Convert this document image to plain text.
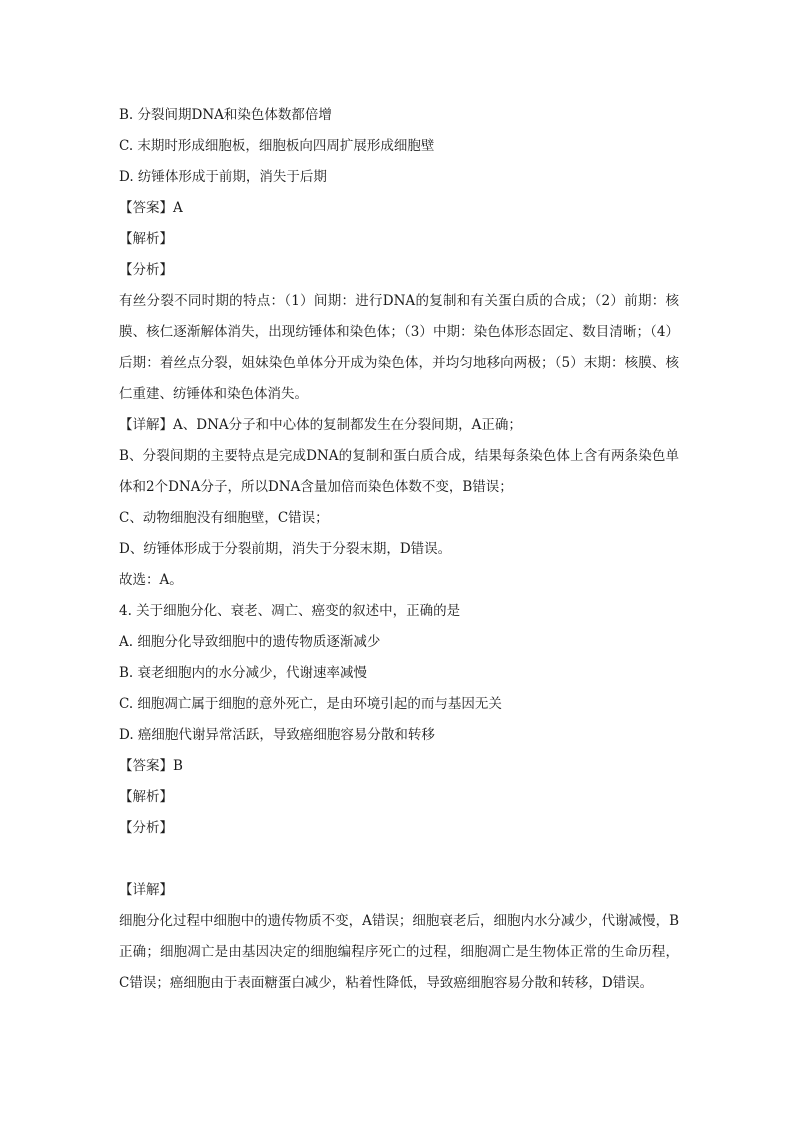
B. 分裂间期DNA和染色体数都倍增

C. 末期时形成细胞板，细胞板向四周扩展形成细胞壁

D. 纺锤体形成于前期，消失于后期

【答案】A

【解析】

【分析】

有丝分裂不同时期的特点：（1）间期：进行DNA的复制和有关蛋白质的合成；（2）前期：核膜、核仁逐渐解体消失，出现纺锤体和染色体；（3）中期：染色体形态固定、数目清晰；（4）后期：着丝点分裂，姐妹染色单体分开成为染色体，并均匀地移向两极；（5）末期：核膜、核仁重建、纺锤体和染色体消失。

【详解】A、DNA分子和中心体的复制都发生在分裂间期，A正确；

B、分裂间期的主要特点是完成DNA的复制和蛋白质合成，结果每条染色体上含有两条染色单体和2个DNA分子，所以DNA含量加倍而染色体数不变，B错误；

C、动物细胞没有细胞壁，C错误；

D、纺锤体形成于分裂前期，消失于分裂末期，D错误。

故选：A。

4. 关于细胞分化、衰老、凋亡、癌变的叙述中，正确的是

A. 细胞分化导致细胞中的遗传物质逐渐减少

B. 衰老细胞内的水分减少，代谢速率减慢

C. 细胞凋亡属于细胞的意外死亡，是由环境引起的而与基因无关

D. 癌细胞代谢异常活跃，导致癌细胞容易分散和转移

【答案】B

【解析】

【分析】

【详解】

细胞分化过程中细胞中的遗传物质不变，A错误；细胞衰老后，细胞内水分减少，代谢减慢，B正确；细胞凋亡是由基因决定的细胞编程序死亡的过程，细胞凋亡是生物体正常的生命历程，C错误；癌细胞由于表面糖蛋白减少，粘着性降低，导致癌细胞容易分散和转移，D错误。
